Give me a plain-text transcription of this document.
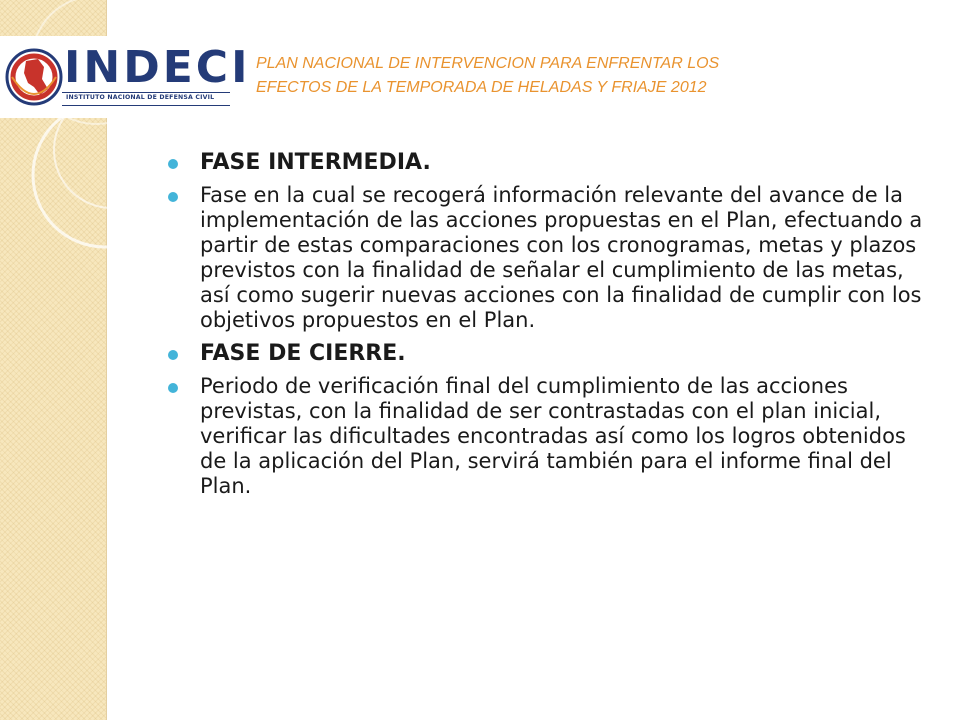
INDECI
INSTITUTO NACIONAL DE DEFENSA CIVIL
PLAN NACIONAL DE INTERVENCION PARA ENFRENTAR LOS
EFECTOS DE LA TEMPORADA DE HELADAS Y FRIAJE 2012
FASE INTERMEDIA.
Fase en la cual se recogerá información relevante del avance de la implementación de las acciones propuestas en el Plan, efectuando a partir de estas comparaciones con los cronogramas, metas y plazos previstos con la finalidad de señalar el cumplimiento de las metas, así como sugerir nuevas acciones con la finalidad de cumplir con los objetivos propuestos en el Plan.
FASE DE CIERRE.
Periodo de verificación final del cumplimiento de las acciones previstas, con la finalidad de ser contrastadas con el plan inicial, verificar las dificultades encontradas así como los logros obtenidos de la aplicación del Plan, servirá también para el informe final del Plan.
